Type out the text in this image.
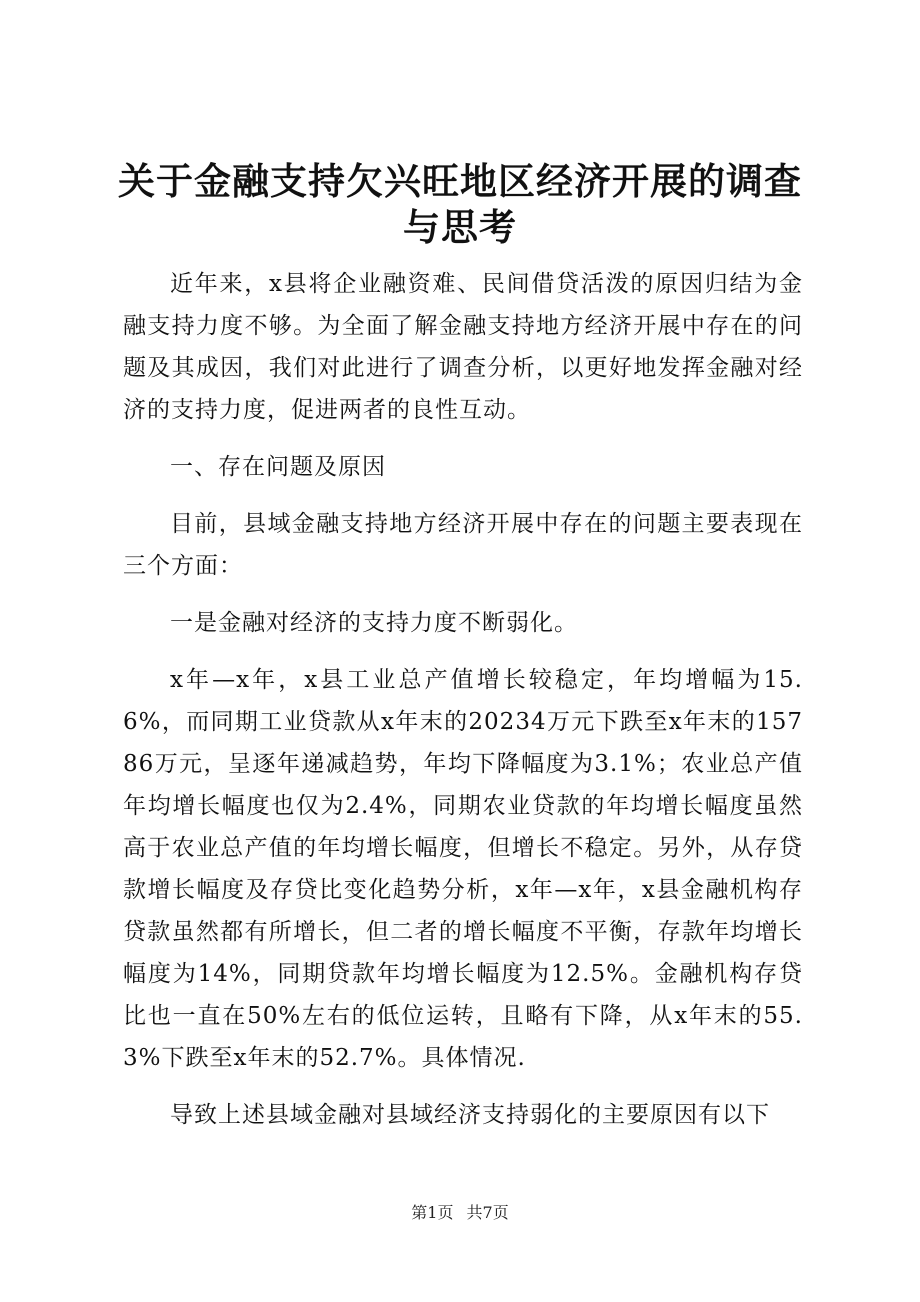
关于金融支持欠兴旺地区经济开展的调查与思考

近年来，x县将企业融资难、民间借贷活泼的原因归结为金融支持力度不够。为全面了解金融支持地方经济开展中存在的问题及其成因，我们对此进行了调查分析，以更好地发挥金融对经济的支持力度，促进两者的良性互动。

一、存在问题及原因

目前，县域金融支持地方经济开展中存在的问题主要表现在三个方面：

一是金融对经济的支持力度不断弱化。

x年—x年，x县工业总产值增长较稳定，年均增幅为15.6%，而同期工业贷款从x年末的20234万元下跌至x年末的15786万元，呈逐年递减趋势，年均下降幅度为3.1%；农业总产值年均增长幅度也仅为2.4%，同期农业贷款的年均增长幅度虽然高于农业总产值的年均增长幅度，但增长不稳定。另外，从存贷款增长幅度及存贷比变化趋势分析，x年—x年，x县金融机构存贷款虽然都有所增长，但二者的增长幅度不平衡，存款年均增长幅度为14%，同期贷款年均增长幅度为12.5%。金融机构存贷比也一直在50%左右的低位运转，且略有下降，从x年末的55.3%下跌至x年末的52.7%。具体情况.

导致上述县域金融对县域经济支持弱化的主要原因有以下

第1页 共7页
